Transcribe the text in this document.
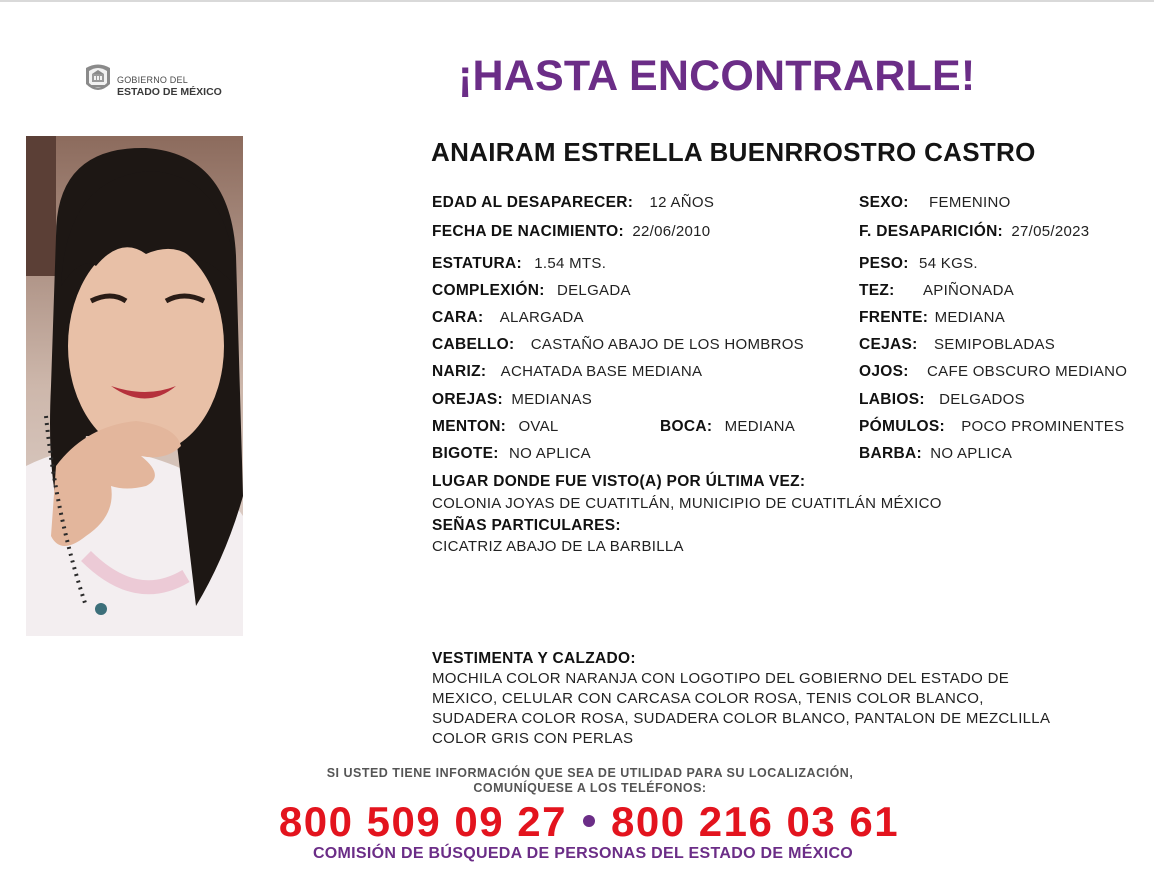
GOBIERNO DEL
ESTADO DE MÉXICO	¡HASTA ENCONTRARLE!
ANAIRAM ESTRELLA BUENRROSTRO CASTRO
EDAD AL DESAPARECER: 12 AÑOS
FECHA DE NACIMIENTO: 22/06/2010
ESTATURA: 1.54 MTS.
COMPLEXIÓN: DELGADA
CARA: ALARGADA
CABELLO: CASTAÑO ABAJO DE LOS HOMBROS
NARIZ: ACHATADA BASE MEDIANA
OREJAS: MEDIANAS
MENTON: OVAL	BOCA: MEDIANA
BIGOTE: NO APLICA
SEXO: FEMENINO
F. DESAPARICIÓN: 27/05/2023
PESO: 54 KGS.
TEZ: APIÑONADA
FRENTE: MEDIANA
CEJAS: SEMIPOBLADAS
OJOS: CAFE OBSCURO MEDIANO
LABIOS: DELGADOS
PÓMULOS: POCO PROMINENTES
BARBA: NO APLICA
LUGAR DONDE FUE VISTO(A) POR ÚLTIMA VEZ:
COLONIA JOYAS DE CUATITLÁN, MUNICIPIO DE CUATITLÁN MÉXICO
SEÑAS PARTICULARES:
CICATRIZ ABAJO DE LA BARBILLA
VESTIMENTA Y CALZADO:
MOCHILA COLOR NARANJA CON LOGOTIPO DEL GOBIERNO DEL ESTADO DE
MEXICO, CELULAR CON CARCASA COLOR ROSA, TENIS COLOR BLANCO,
SUDADERA COLOR ROSA, SUDADERA COLOR BLANCO, PANTALON DE MEZCLILLA
COLOR GRIS CON PERLAS
SI USTED TIENE INFORMACIÓN QUE SEA DE UTILIDAD PARA SU LOCALIZACIÓN,
COMUNÍQUESE A LOS TELÉFONOS:
800 509 09 27 800 216 03 61
COMISIÓN DE BÚSQUEDA DE PERSONAS DEL ESTADO DE MÉXICO
